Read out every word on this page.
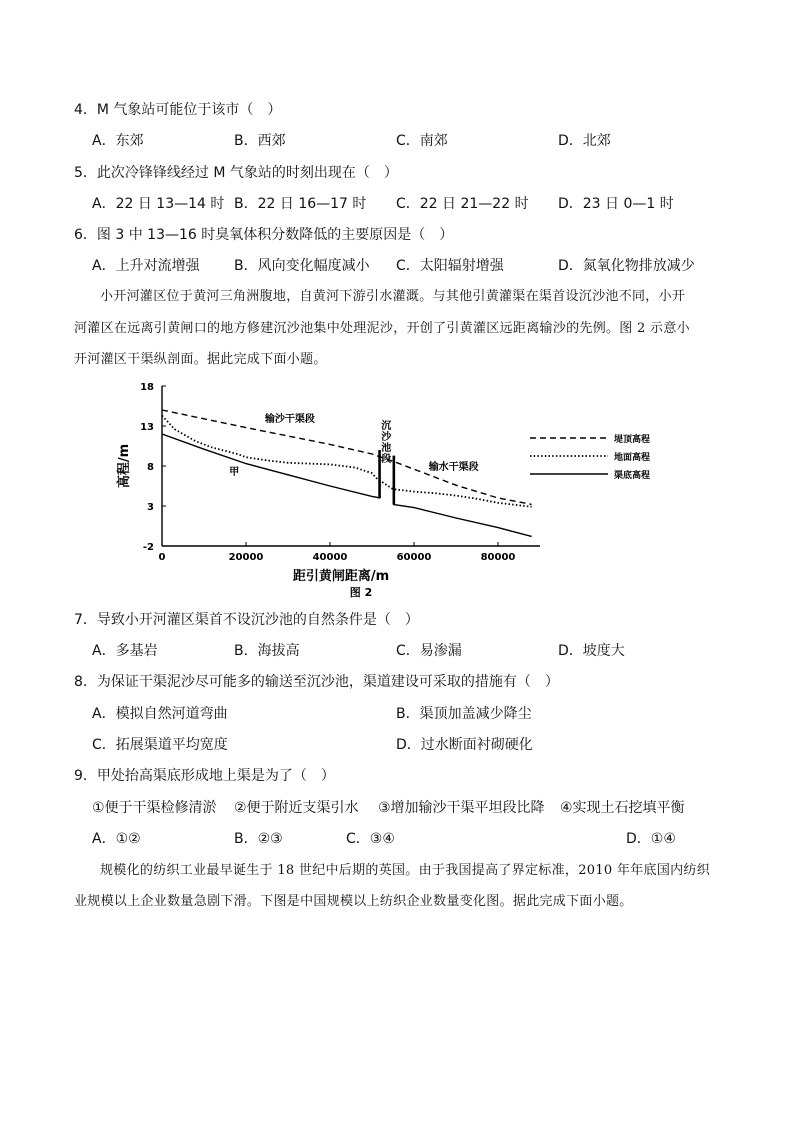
4．M 气象站可能位于该市（　）
A．东郊	B．西郊	C．南郊	D．北郊
5．此次冷锋锋线经过 M 气象站的时刻出现在（　）
A．22 日 13—14 时 B．22 日 16—17 时 C．22 日 21—22 时 D．23 日 0—1 时
6．图 3 中 13—16 时臭氧体积分数降低的主要原因是（　）
A．上升对流增强 B．风向变化幅度减小 C．太阳辐射增强	D．氮氧化物排放减少
小开河灌区位于黄河三角洲腹地，自黄河下游引水灌溉。与其他引黄灌渠在渠首设沉沙池不同，小开
河灌区在远离引黄闸口的地方修建沉沙池集中处理泥沙，开创了引黄灌区远距离输沙的先例。图 2 示意小
开河灌区干渠纵剖面。据此完成下面小题。
-2
3
8
13
18
0	20000	40000	60000	80000
距引黄闸距离/m
高程/m
图 2
输沙干渠段
输水干渠段
甲
沉
沙
池
段
堤顶高程
地面高程
渠底高程
7．导致小开河灌区渠首不设沉沙池的自然条件是（　）
A．多基岩	B．海拔高	C．易渗漏	D．坡度大
8．为保证干渠泥沙尽可能多的输送至沉沙池，渠道建设可采取的措施有（　）
A．模拟自然河道弯曲	B．渠顶加盖减少降尘
C．拓展渠道平均宽度	D．过水断面衬砌硬化
9．甲处抬高渠底形成地上渠是为了（　）
①便于干渠检修清淤 ②便于附近支渠引水 ③增加输沙干渠平坦段比降 ④实现土石挖填平衡
A．①②	B．②③	C．③④	D．①④
规模化的纺织工业最早诞生于 18 世纪中后期的英国。由于我国提高了界定标准，2010 年年底国内纺织
业规模以上企业数量急剧下滑。下图是中国规模以上纺织企业数量变化图。据此完成下面小题。
